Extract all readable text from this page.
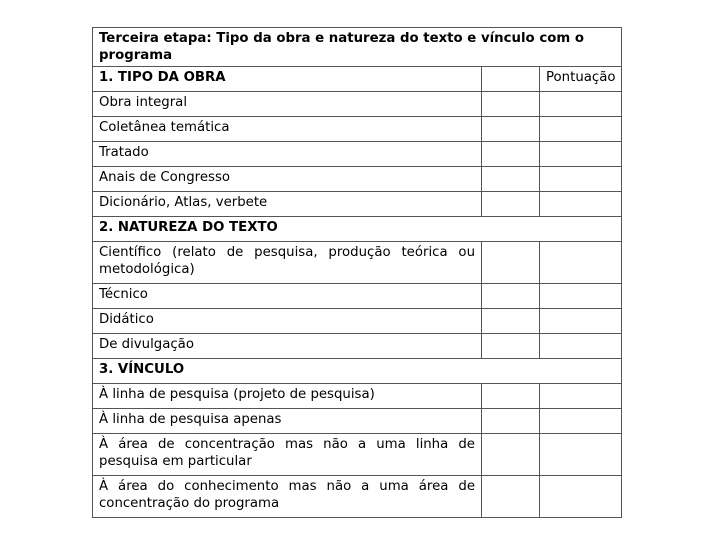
Terceira etapa: Tipo da obra e natureza do texto e vínculo com o programa		
1. TIPO DA OBRA		Pontuação
Obra integral		
Coletânea temática		
Tratado		
Anais de Congresso		
Dicionário, Atlas, verbete		
2. NATUREZA DO TEXTO		
Científico (relato de pesquisa, produção teórica ou metodológica)		
Técnico		
Didático		
De divulgação		
3. VÍNCULO		
À linha de pesquisa (projeto de pesquisa)		
À linha de pesquisa apenas		
À área de concentração mas não a uma linha de pesquisa em particular		
À área do conhecimento mas não a uma área de concentração do programa		
